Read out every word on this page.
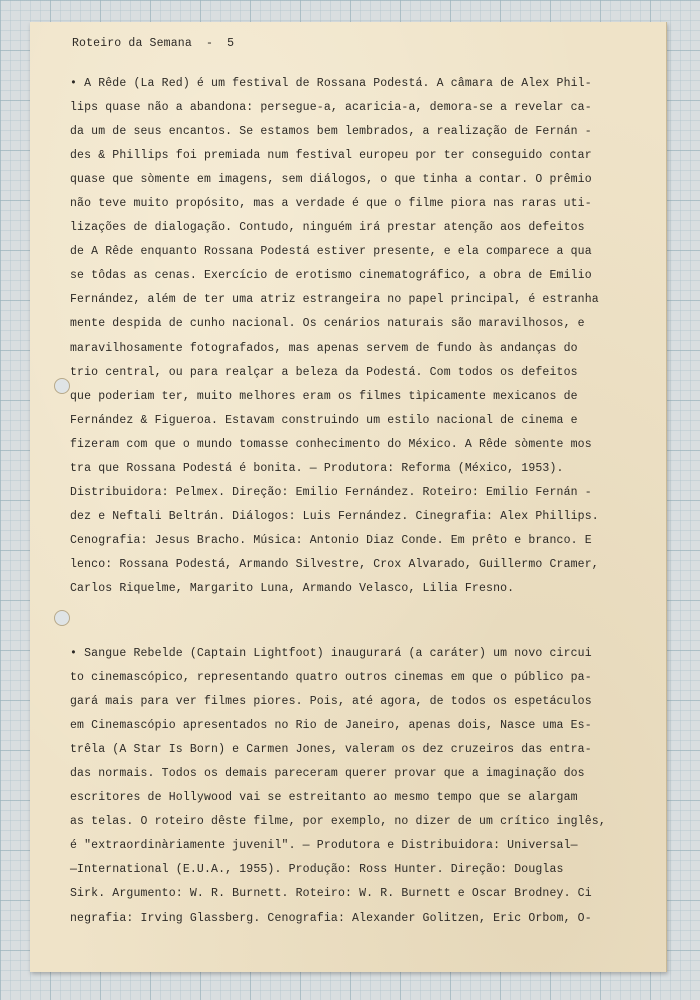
Roteiro da Semana  -  5
• A Rêde (La Red) é um festival de Rossana Podestá. A câmara de Alex Phil-
lips quase não a abandona: persegue-a, acaricia-a, demora-se a revelar ca-
da um de seus encantos. Se estamos bem lembrados, a realização de Fernán -
des & Phillips foi premiada num festival europeu por ter conseguido contar
quase que sòmente em imagens, sem diálogos, o que tinha a contar. O prêmio
não teve muito propósito, mas a verdade é que o filme piora nas raras uti-
lizações de dialogação. Contudo, ninguém irá prestar atenção aos defeitos
de A Rêde enquanto Rossana Podestá estiver presente, e ela comparece a qua
se tôdas as cenas. Exercício de erotismo cinematográfico, a obra de Emilio
Fernández, além de ter uma atriz estrangeira no papel principal, é estranha
mente despida de cunho nacional. Os cenários naturais são maravilhosos, e
maravilhosamente fotografados, mas apenas servem de fundo às andanças do
trio central, ou para realçar a beleza da Podestá. Com todos os defeitos
que poderiam ter, muito melhores eram os filmes tìpicamente mexicanos de
Fernández & Figueroa. Estavam construindo um estilo nacional de cinema e
fizeram com que o mundo tomasse conhecimento do México. A Rêde sòmente mos
tra que Rossana Podestá é bonita. — Produtora: Reforma (México, 1953).
Distribuidora: Pelmex. Direção: Emilio Fernández. Roteiro: Emilio Fernán -
dez e Neftali Beltrán. Diálogos: Luis Fernández. Cinegrafia: Alex Phillips.
Cenografia: Jesus Bracho. Música: Antonio Diaz Conde. Em prêto e branco. E
lenco: Rossana Podestá, Armando Silvestre, Crox Alvarado, Guillermo Cramer,
Carlos Riquelme, Margarito Luna, Armando Velasco, Lilia Fresno.
• Sangue Rebelde (Captain Lightfoot) inaugurará (a caráter) um novo circui
to cinemascópico, representando quatro outros cinemas em que o público pa-
gará mais para ver filmes piores. Pois, até agora, de todos os espetáculos
em Cinemascópio apresentados no Rio de Janeiro, apenas dois, Nasce uma Es-
trêla (A Star Is Born) e Carmen Jones, valeram os dez cruzeiros das entra-
das normais. Todos os demais pareceram querer provar que a imaginação dos
escritores de Hollywood vai se estreitanto ao mesmo tempo que se alargam
as telas. O roteiro dêste filme, por exemplo, no dizer de um crítico inglês,
é "extraordinàriamente juvenil". — Produtora e Distribuidora: Universal—
—International (E.U.A., 1955). Produção: Ross Hunter. Direção: Douglas
Sirk. Argumento: W. R. Burnett. Roteiro: W. R. Burnett e Oscar Brodney. Ci
negrafia: Irving Glassberg. Cenografia: Alexander Golitzen, Eric Orbom, O-
